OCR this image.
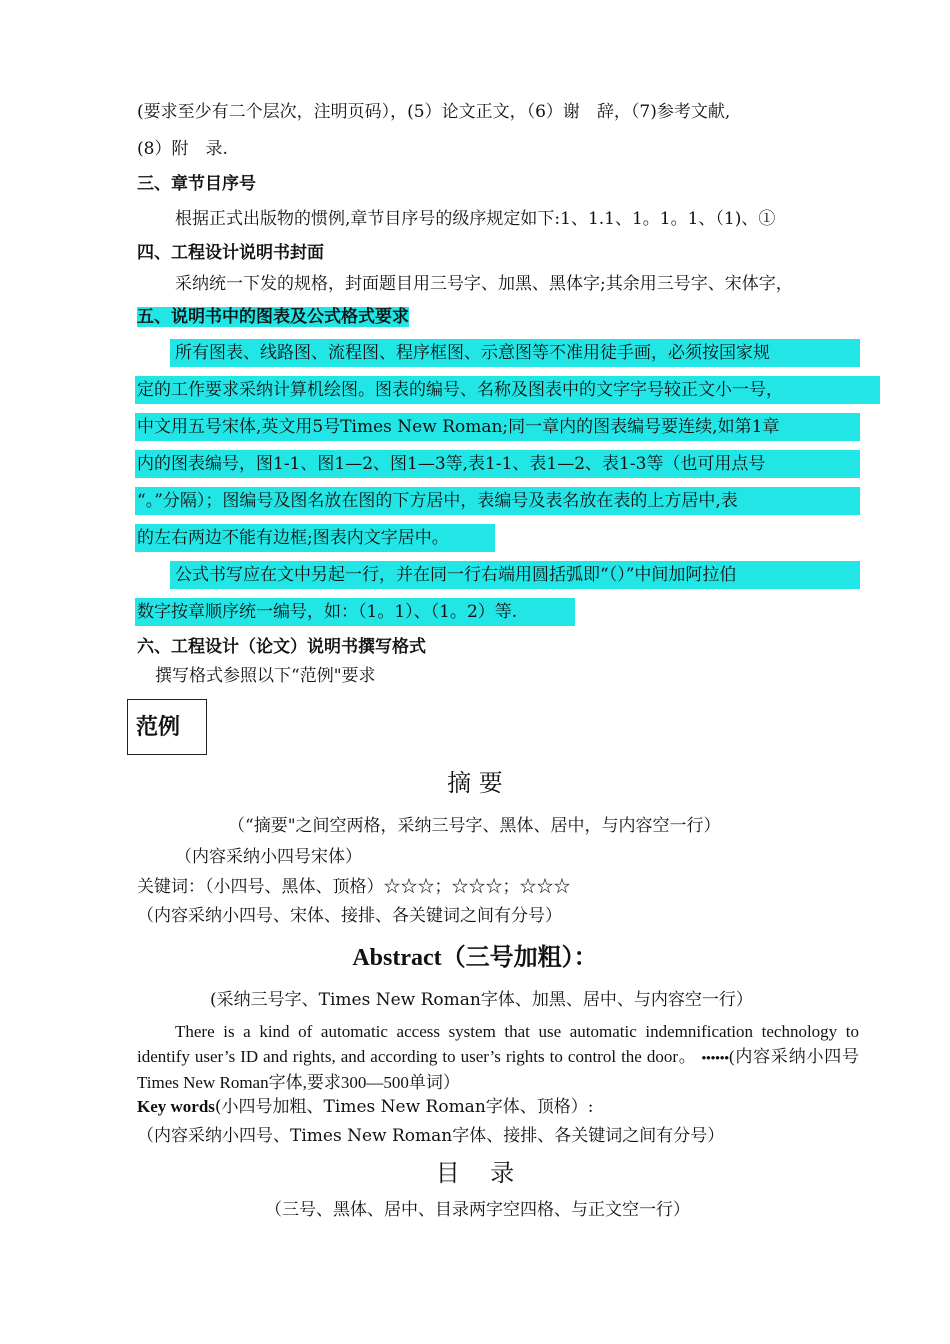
(要求至少有二个层次，注明页码），(5）论文正文，（6）谢　辞，（7)参考文献,
(8）附　录.
三、章节目序号
根据正式出版物的惯例,章节目序号的级序规定如下:1、1.1、1。1。1、（1)、①
四、工程设计说明书封面
采纳统一下发的规格，封面题目用三号字、加黑、黑体字;其余用三号字、宋体字，
五、说明书中的图表及公式格式要求
所有图表、线路图、流程图、程序框图、示意图等不准用徒手画，必须按国家规
定的工作要求采纳计算机绘图。图表的编号、名称及图表中的文字字号较正文小一号，
中文用五号宋体,英文用5号Times New Roman;同一章内的图表编号要连续,如第1章
内的图表编号，图1-1、图1—2、图1—3等,表1-1、表1—2、表1-3等（也可用点号
“。”分隔）；图编号及图名放在图的下方居中，表编号及表名放在表的上方居中,表
的左右两边不能有边框;图表内文字居中。
公式书写应在文中另起一行，并在同一行右端用圆括弧即“（）”中间加阿拉伯
数字按章顺序统一编号，如：（1。1）、（1。2）等.
六、工程设计（论文）说明书撰写格式
撰写格式参照以下“范例"要求
范例
摘 要
（“摘要"之间空两格，采纳三号字、黑体、居中，与内容空一行）
（内容采纳小四号宋体）
关键词：（小四号、黑体、顶格）☆☆☆；☆☆☆；☆☆☆
（内容采纳小四号、宋体、接排、各关键词之间有分号）
Abstract（三号加粗）：
(采纳三号字、Times New Roman字体、加黑、居中、与内容空一行）
There is a kind of automatic access system that use automatic indemnification technology to identify user’s ID and rights, and according to user’s rights to control the door。 ••••••(内容采纳小四号Times New Roman字体,要求300—500单词）
Key words(小四号加粗、Times New Roman字体、顶格）:
（内容采纳小四号、Times New Roman字体、接排、各关键词之间有分号）
目    录
（三号、黑体、居中、目录两字空四格、与正文空一行）
